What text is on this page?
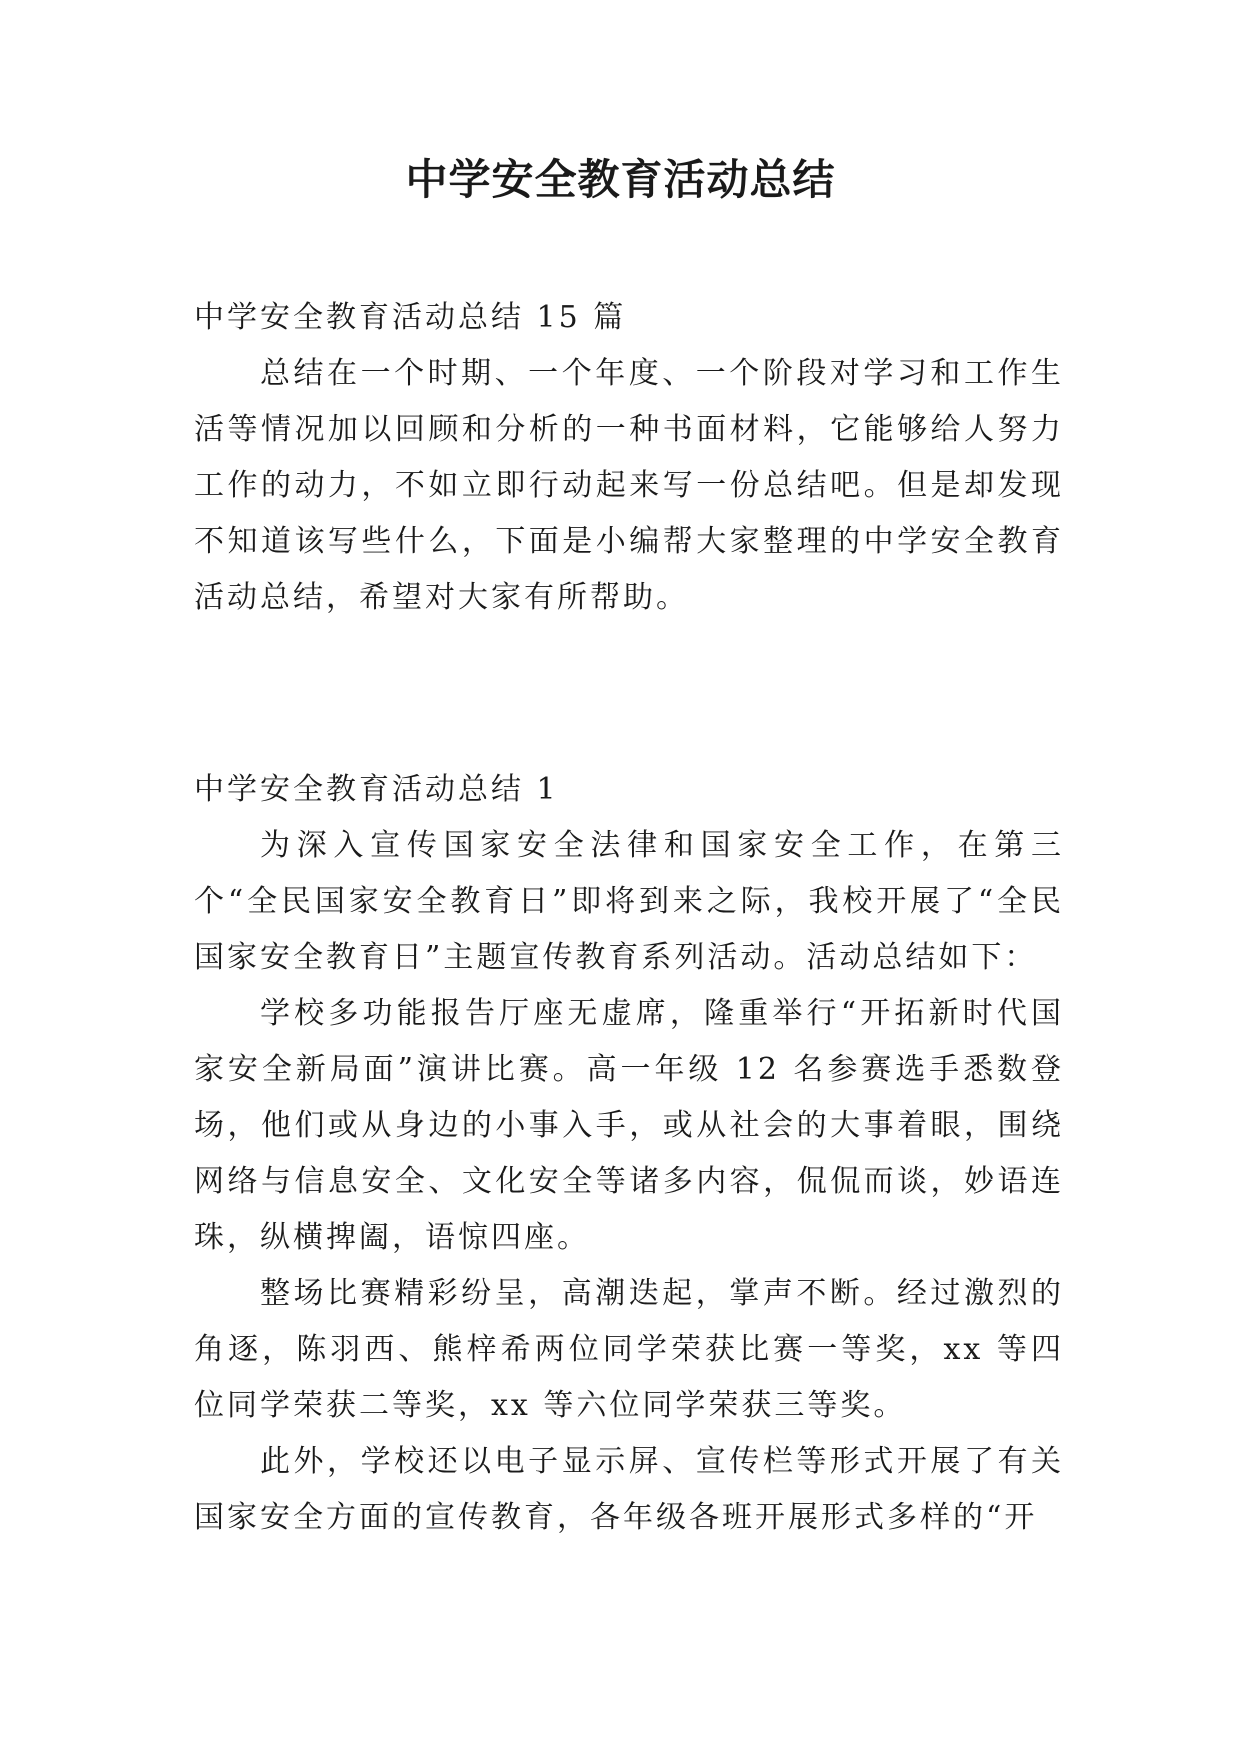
中学安全教育活动总结

中学安全教育活动总结 15 篇

总结在一个时期、一个年度、一个阶段对学习和工作生活等情况加以回顾和分析的一种书面材料，它能够给人努力工作的动力，不如立即行动起来写一份总结吧。但是却发现不知道该写些什么，下面是小编帮大家整理的中学安全教育活动总结，希望对大家有所帮助。

中学安全教育活动总结 1

为深入宣传国家安全法律和国家安全工作，在第三个“全民国家安全教育日”即将到来之际，我校开展了“全民国家安全教育日”主题宣传教育系列活动。活动总结如下：

学校多功能报告厅座无虚席，隆重举行“开拓新时代国家安全新局面”演讲比赛。高一年级 12 名参赛选手悉数登场，他们或从身边的小事入手，或从社会的大事着眼，围绕网络与信息安全、文化安全等诸多内容，侃侃而谈，妙语连珠，纵横捭阖，语惊四座。

整场比赛精彩纷呈，高潮迭起，掌声不断。经过激烈的角逐，陈羽西、熊梓希两位同学荣获比赛一等奖，xx 等四位同学荣获二等奖，xx 等六位同学荣获三等奖。

此外，学校还以电子显示屏、宣传栏等形式开展了有关国家安全方面的宣传教育，各年级各班开展形式多样的“开
